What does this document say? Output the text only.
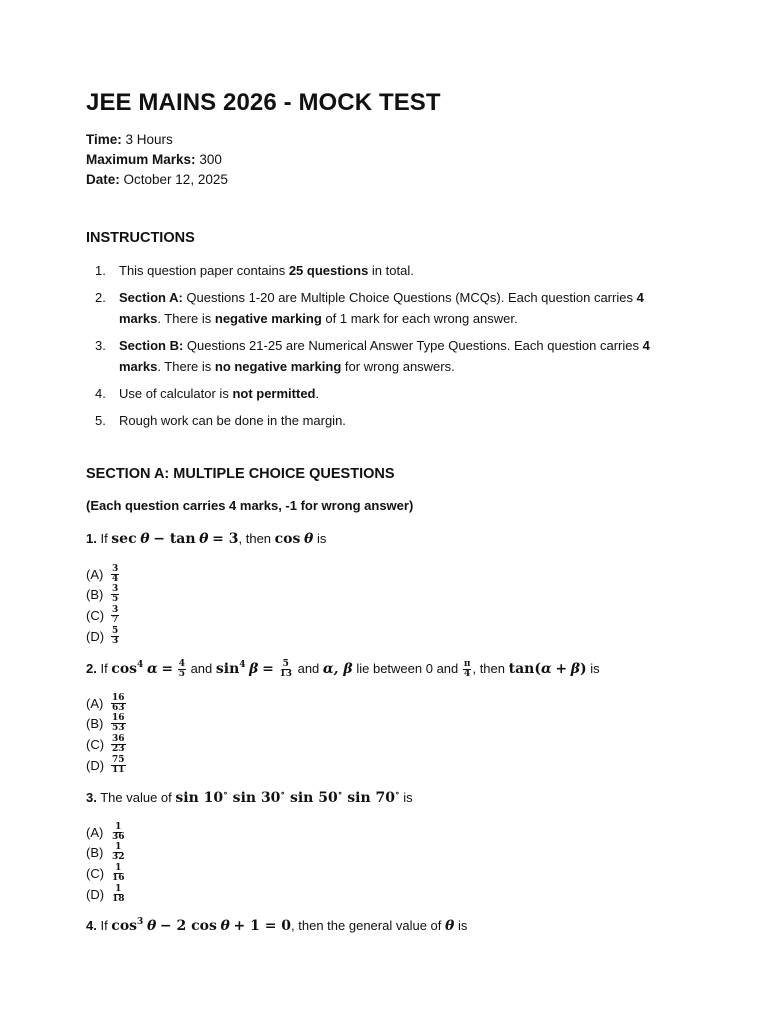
JEE MAINS 2026 - MOCK TEST
Time: 3 Hours
Maximum Marks: 300
Date: October 12, 2025
INSTRUCTIONS
1.	This question paper contains 25 questions in total.
2.	Section A: Questions 1-20 are Multiple Choice Questions (MCQs). Each question carries 4 marks. There is negative marking of 1 mark for each wrong answer.
3.	Section B: Questions 21-25 are Numerical Answer Type Questions. Each question carries 4 marks. There is no negative marking for wrong answers.
4.	Use of calculator is not permitted.
5.	Rough work can be done in the margin.
SECTION A: MULTIPLE CHOICE QUESTIONS
(Each question carries 4 marks, -1 for wrong answer)
1. If sec θ − tan θ = 3, then cos θ is
$(A) \frac{3}{4}$
$(B) \frac{3}{5}$
$(C) \frac{3}{7}$
$(D) \frac{5}{3}$
2. If $\cos^4 \alpha = \frac{4}{5}$ and $\sin^4 \beta = \frac{5}{13}$ and α, β lie between 0 and $\frac{\pi}{4}$ , then tan(α + β) is
$(A) \frac{16}{63}$
$(B) \frac{16}{53}$
$(C) \frac{36}{23}$
$(D) \frac{75}{11}$
3. The value of sin 10∘ sin 30∘ sin 50∘ sin 70∘ is
$(A) \frac{1}{36}$
$(B) \frac{1}{32}$
$(C) \frac{1}{16}$
$(D) \frac{1}{18}$
4. If $\cos^3 \theta - 2$ cos θ + 1 = 0, then the general value of θ is
